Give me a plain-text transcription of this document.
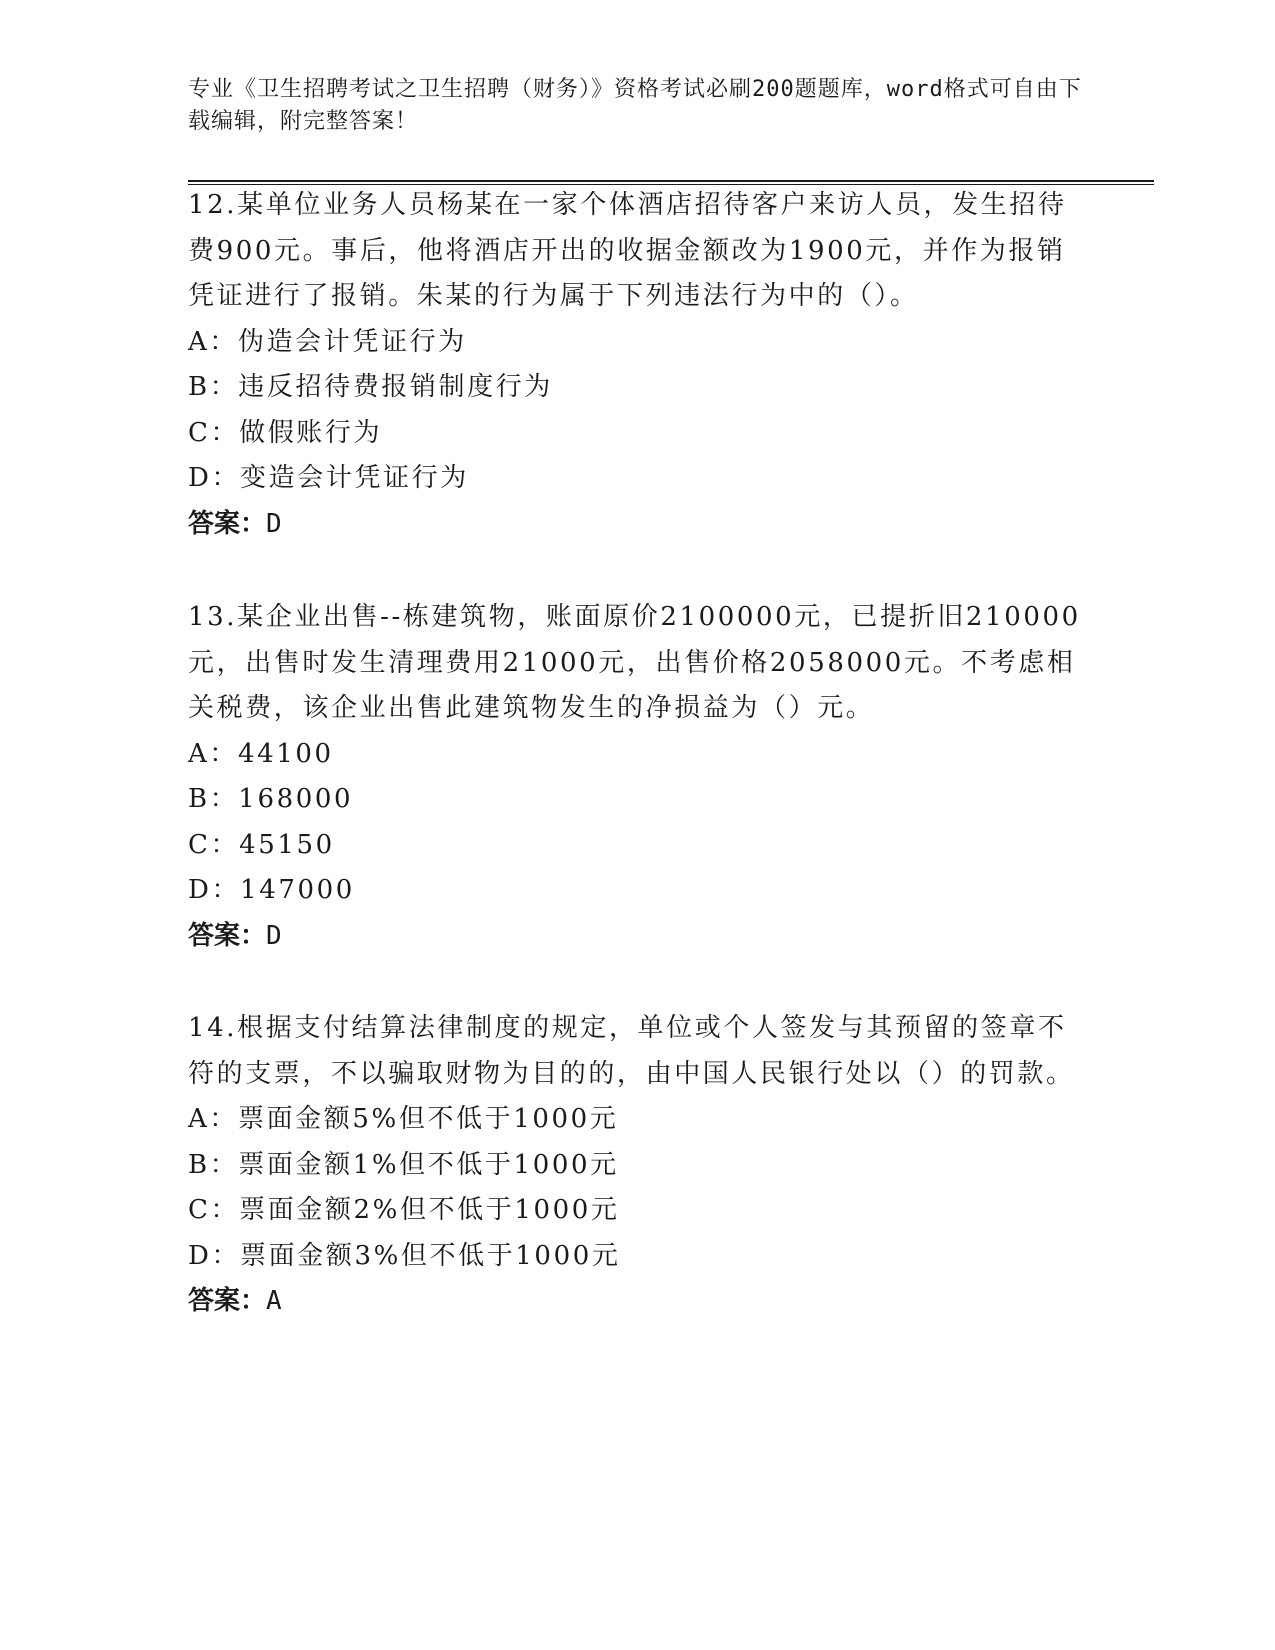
专业《卫生招聘考试之卫生招聘（财务）》资格考试必刷200题题库，word格式可自由下载编辑，附完整答案！

12.某单位业务人员杨某在一家个体酒店招待客户来访人员，发生招待费900元。事后，他将酒店开出的收据金额改为1900元，并作为报销凭证进行了报销。朱某的行为属于下列违法行为中的（）。

A：伪造会计凭证行为

B：违反招待费报销制度行为

C：做假账行为

D：变造会计凭证行为

答案：D

13.某企业出售--栋建筑物，账面原价2100000元，已提折旧210000元，出售时发生清理费用21000元，出售价格2058000元。不考虑相关税费，该企业出售此建筑物发生的净损益为（）元。

A：44100

B：168000

C：45150

D：147000

答案：D

14.根据支付结算法律制度的规定，单位或个人签发与其预留的签章不符的支票，不以骗取财物为目的的，由中国人民银行处以（）的罚款。

A：票面金额5%但不低于1000元

B：票面金额1%但不低于1000元

C：票面金额2%但不低于1000元

D：票面金额3%但不低于1000元

答案：A
